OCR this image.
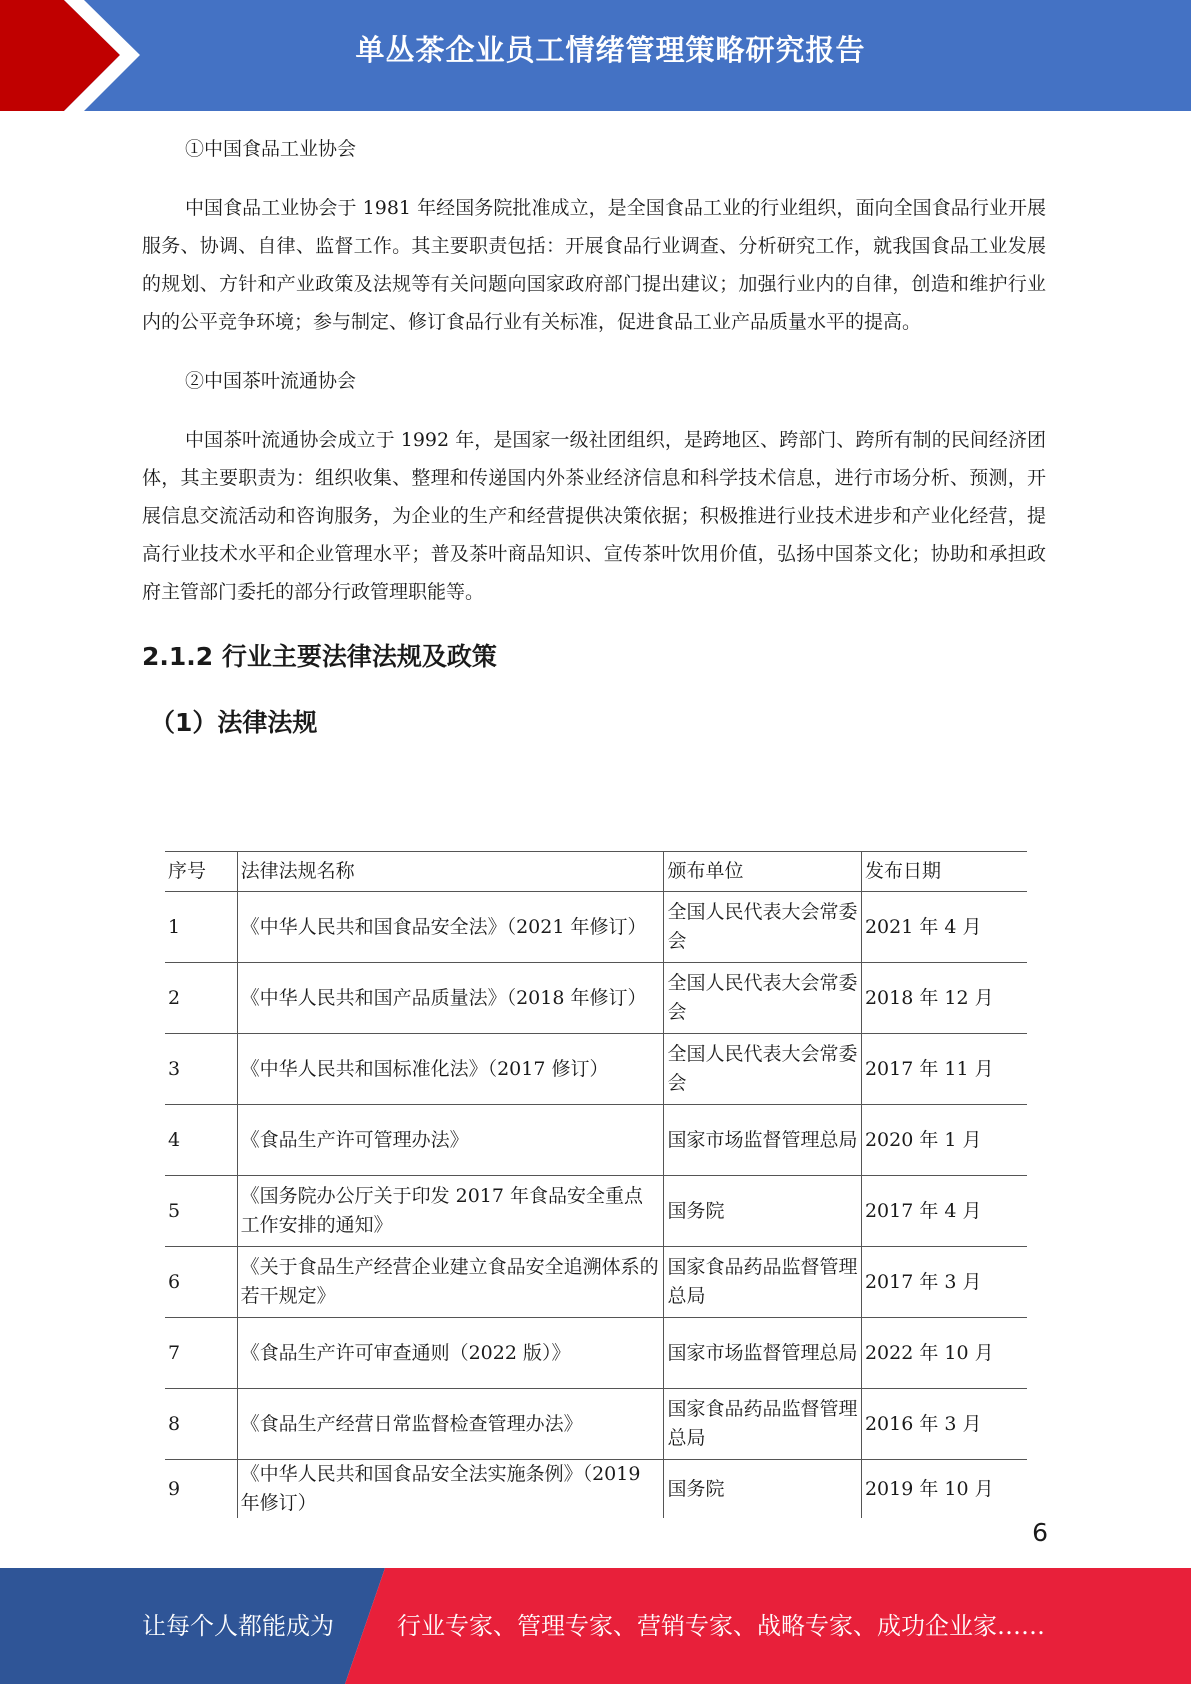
单丛茶企业员工情绪管理策略研究报告

①中国食品工业协会

中国食品工业协会于 1981 年经国务院批准成立，是全国食品工业的行业组织，面向全国食品行业开展服务、协调、自律、监督工作。其主要职责包括：开展食品行业调查、分析研究工作，就我国食品工业发展的规划、方针和产业政策及法规等有关问题向国家政府部门提出建议；加强行业内的自律，创造和维护行业内的公平竞争环境；参与制定、修订食品行业有关标准，促进食品工业产品质量水平的提高。

②中国茶叶流通协会

中国茶叶流通协会成立于 1992 年，是国家一级社团组织，是跨地区、跨部门、跨所有制的民间经济团体，其主要职责为：组织收集、整理和传递国内外茶业经济信息和科学技术信息，进行市场分析、预测，开展信息交流活动和咨询服务，为企业的生产和经营提供决策依据；积极推进行业技术进步和产业化经营，提高行业技术水平和企业管理水平；普及茶叶商品知识、宣传茶叶饮用价值，弘扬中国茶文化；协助和承担政府主管部门委托的部分行政管理职能等。

2.1.2 行业主要法律法规及政策
（1）法律法规
序号	法律法规名称	颁布单位	发布日期
1	《中华人民共和国食品安全法》（2021 年修订）	全国人民代表大会常委会	2021 年 4 月
2	《中华人民共和国产品质量法》（2018 年修订）	全国人民代表大会常委会	2018 年 12 月
3	《中华人民共和国标准化法》（2017 修订）	全国人民代表大会常委会	2017 年 11 月
4	《食品生产许可管理办法》	国家市场监督管理总局	2020 年 1 月
5	《国务院办公厅关于印发 2017 年食品安全重点工作安排的通知》	国务院	2017 年 4 月
6	《关于食品生产经营企业建立食品安全追溯体系的若干规定》	国家食品药品监督管理总局	2017 年 3 月
7	《食品生产许可审查通则（2022 版）》	国家市场监督管理总局	2022 年 10 月
8	《食品生产经营日常监督检查管理办法》	国家食品药品监督管理总局	2016 年 3 月
9	《中华人民共和国食品安全法实施条例》（2019 年修订）	国务院	2019 年 10 月
6
让每个人都能成为	行业专家、管理专家、营销专家、战略专家、成功企业家……
